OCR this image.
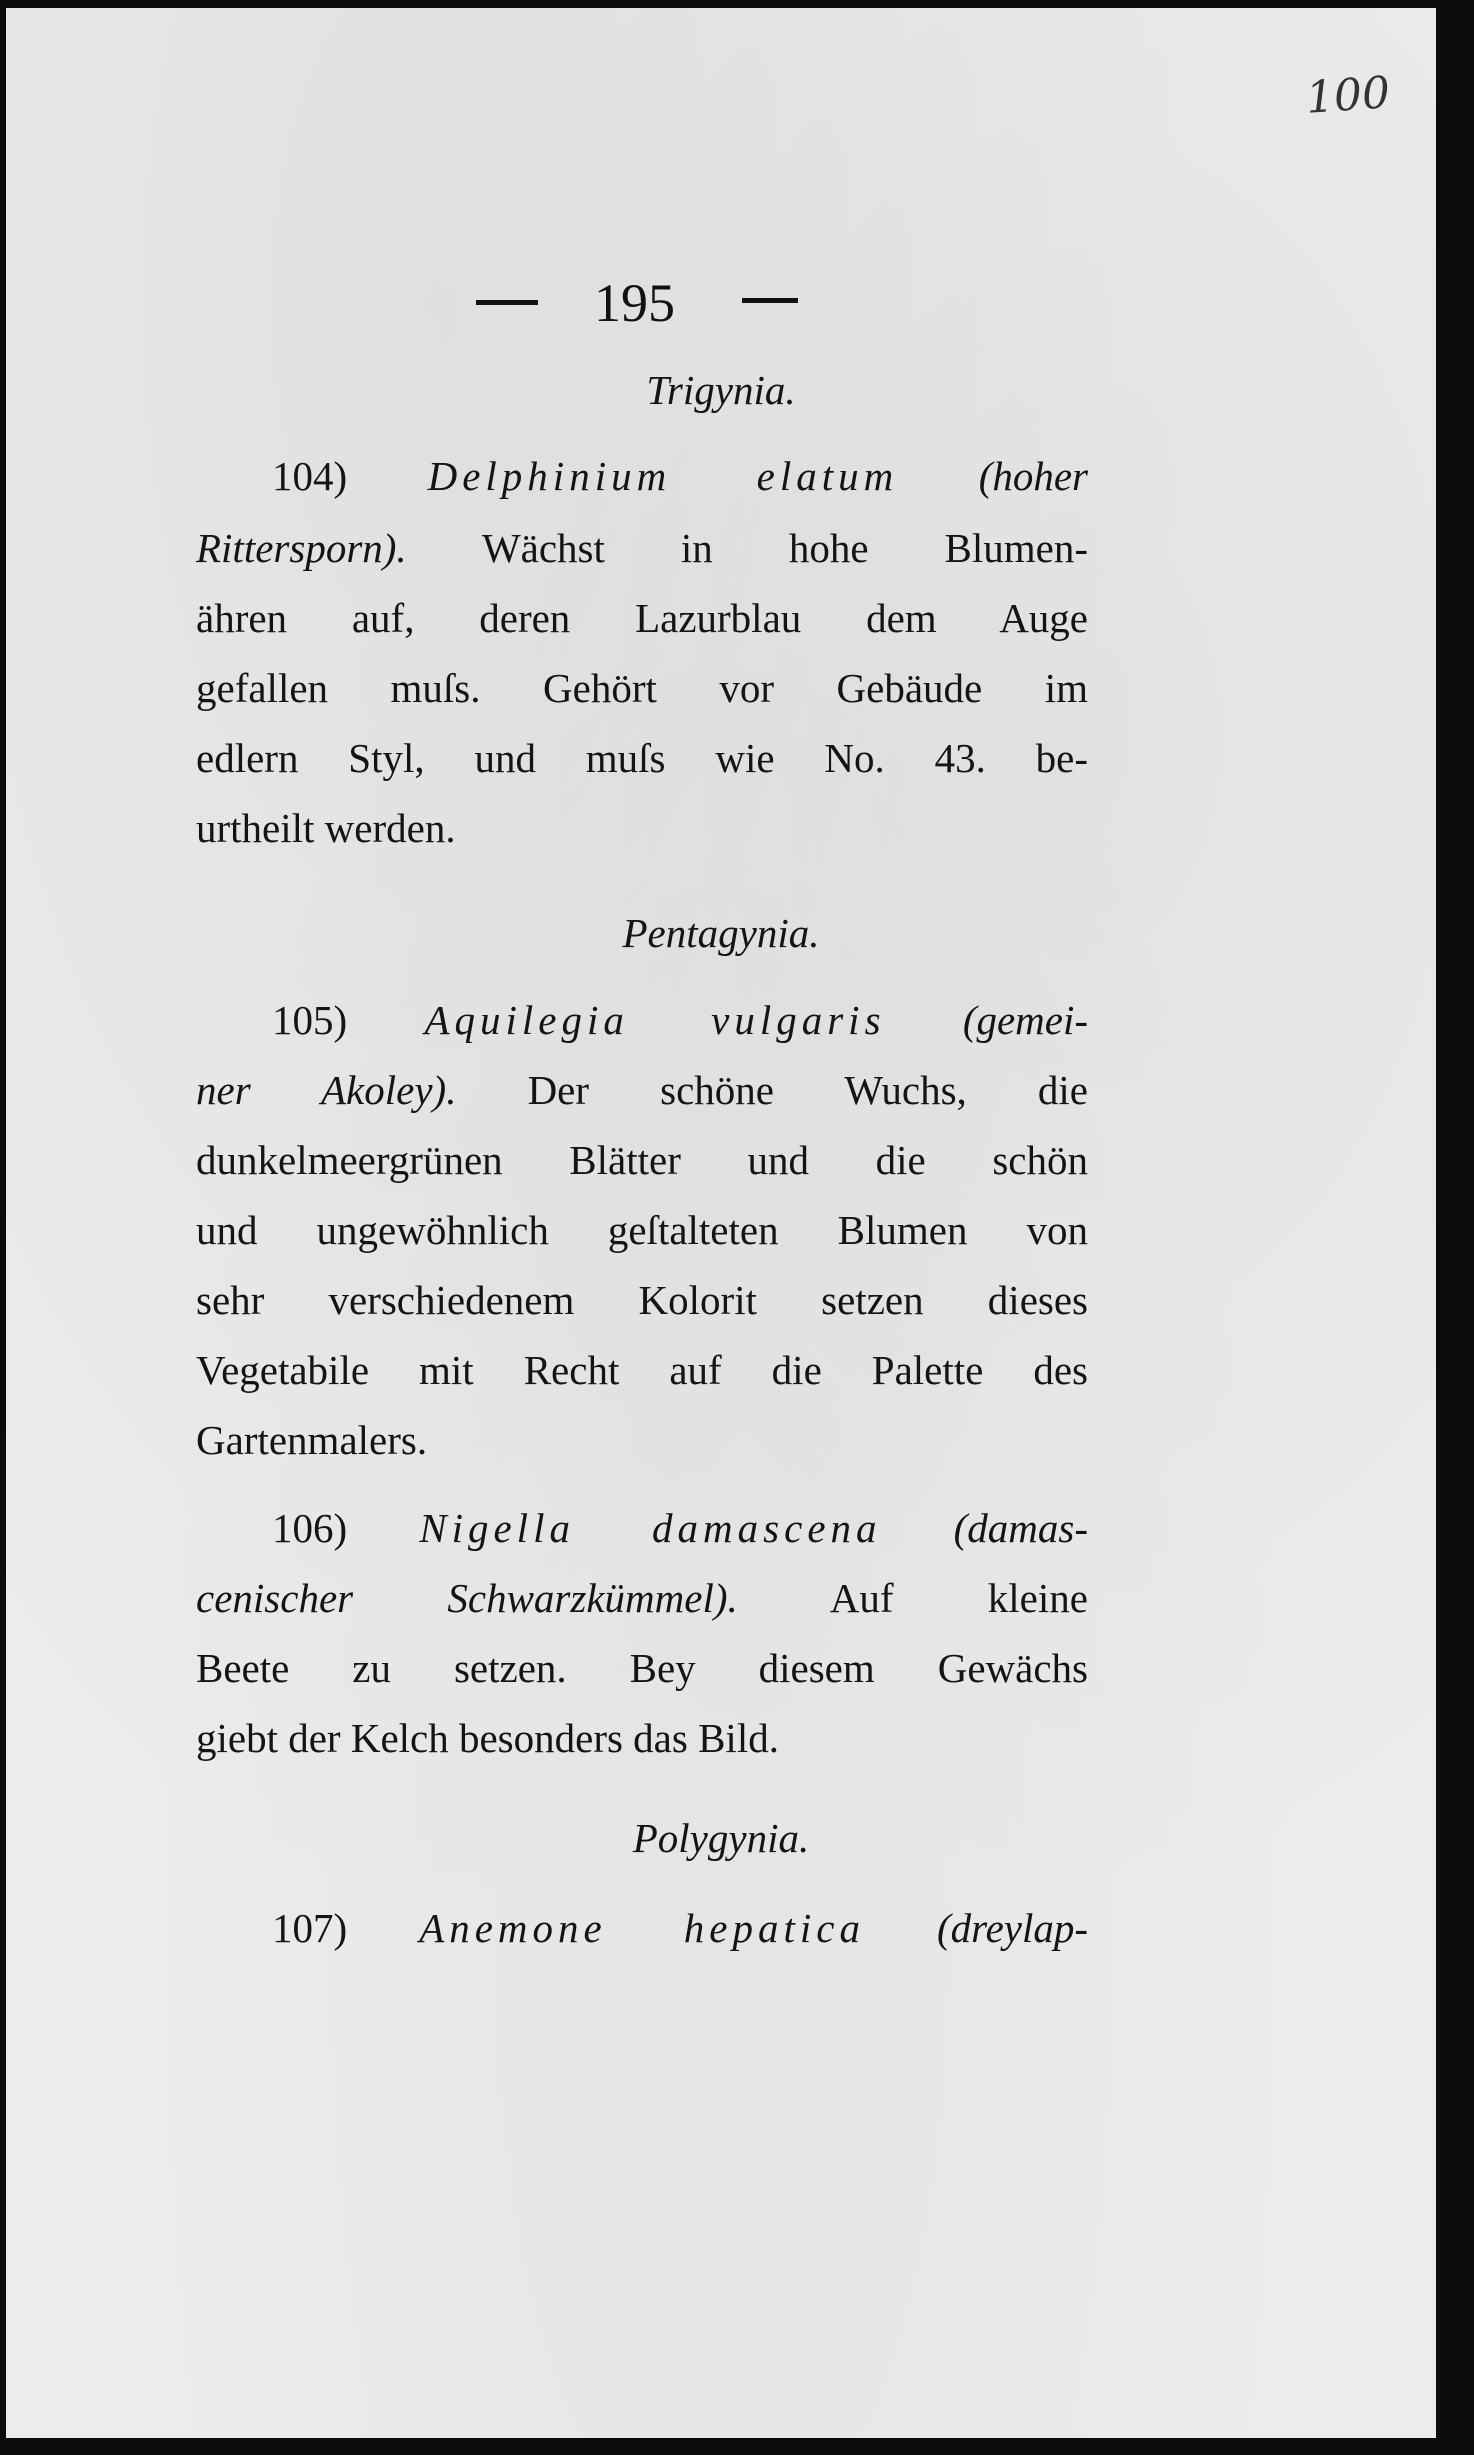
100
195
Trigynia.
104) Delphinium elatum (hoher
Rittersporn). Wächst in hohe Blumen-
ähren auf, deren Lazurblau dem Auge
gefallen muſs. Gehört vor Gebäude im
edlern Styl, und muſs wie No. 43. be-
urtheilt werden.
Pentagynia.
105) Aquilegia vulgaris (gemei-
ner Akoley). Der schöne Wuchs, die
dunkelmeergrünen Blätter und die schön
und ungewöhnlich geſtalteten Blumen von
sehr verschiedenem Kolorit setzen dieses
Vegetabile mit Recht auf die Palette des
Gartenmalers.
106) Nigella damascena (damas-
cenischer Schwarzkümmel). Auf kleine
Beete zu setzen. Bey diesem Gewächs
giebt der Kelch besonders das Bild.
Polygynia.
107) Anemone hepatica (dreylap-
